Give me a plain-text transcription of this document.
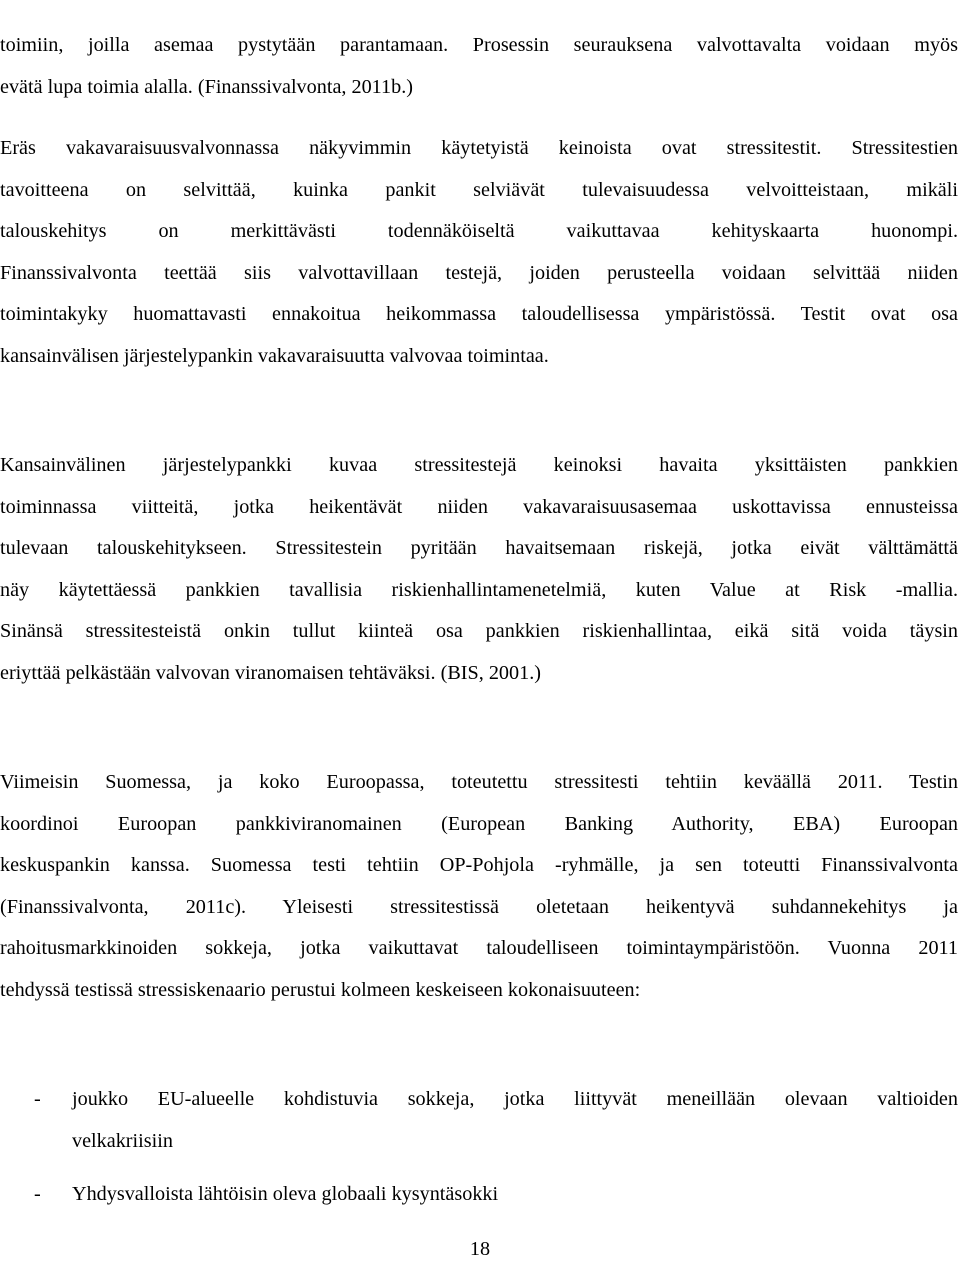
toimiin, joilla asemaa pystytään parantamaan. Prosessin seurauksena valvottavalta voidaan myös
evätä lupa toimia alalla. (Finanssivalvonta, 2011b.)
Eräs vakavaraisuusvalvonnassa näkyvimmin käytetyistä keinoista ovat stressitestit. Stressitestien
tavoitteena on selvittää, kuinka pankit selviävät tulevaisuudessa velvoitteistaan, mikäli
talouskehitys on merkittävästi todennäköiseltä vaikuttavaa kehityskaarta huonompi.
Finanssivalvonta teettää siis valvottavillaan testejä, joiden perusteella voidaan selvittää niiden
toimintakyky huomattavasti ennakoitua heikommassa taloudellisessa ympäristössä. Testit ovat osa
kansainvälisen järjestelypankin vakavaraisuutta valvovaa toimintaa.
Kansainvälinen järjestelypankki kuvaa stressitestejä keinoksi havaita yksittäisten pankkien
toiminnassa viitteitä, jotka heikentävät niiden vakavaraisuusasemaa uskottavissa ennusteissa
tulevaan talouskehitykseen. Stressitestein pyritään havaitsemaan riskejä, jotka eivät välttämättä
näy käytettäessä pankkien tavallisia riskienhallintamenetelmiä, kuten Value at Risk -mallia.
Sinänsä stressitesteistä onkin tullut kiinteä osa pankkien riskienhallintaa, eikä sitä voida täysin
eriyttää pelkästään valvovan viranomaisen tehtäväksi. (BIS, 2001.)
Viimeisin Suomessa, ja koko Euroopassa, toteutettu stressitesti tehtiin keväällä 2011. Testin
koordinoi Euroopan pankkiviranomainen (European Banking Authority, EBA) Euroopan
keskuspankin kanssa. Suomessa testi tehtiin OP-Pohjola -ryhmälle, ja sen toteutti Finanssivalvonta
(Finanssivalvonta, 2011c). Yleisesti stressitestissä oletetaan heikentyvä suhdannekehitys ja
rahoitusmarkkinoiden sokkeja, jotka vaikuttavat taloudelliseen toimintaympäristöön. Vuonna 2011
tehdyssä testissä stressiskenaario perustui kolmeen keskeiseen kokonaisuuteen:
- joukko EU-alueelle kohdistuvia sokkeja, jotka liittyvät meneillään olevaan valtioiden
velkakriisiin
- Yhdysvalloista lähtöisin oleva globaali kysyntäsokki
18
